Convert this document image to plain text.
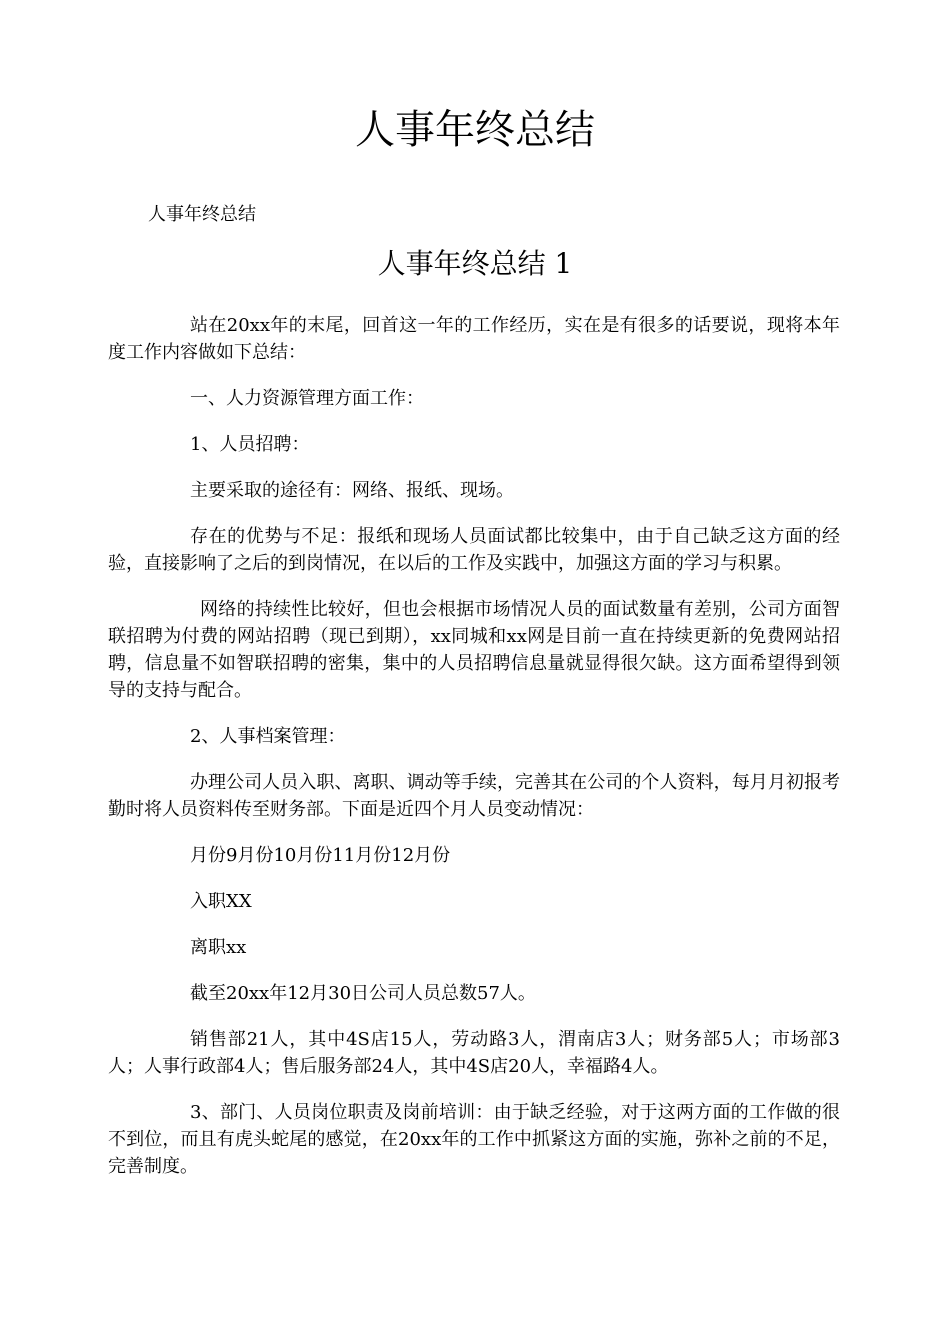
人事年终总结
人事年终总结
人事年终总结 1

站在20xx年的末尾，回首这一年的工作经历，实在是有很多的话要说，现将本年度工作内容做如下总结：

一、人力资源管理方面工作：

1、人员招聘：

主要采取的途径有：网络、报纸、现场。

存在的优势与不足：报纸和现场人员面试都比较集中，由于自己缺乏这方面的经验，直接影响了之后的到岗情况，在以后的工作及实践中，加强这方面的学习与积累。

网络的持续性比较好，但也会根据市场情况人员的面试数量有差别，公司方面智联招聘为付费的网站招聘（现已到期），xx同城和xx网是目前一直在持续更新的免费网站招聘，信息量不如智联招聘的密集，集中的人员招聘信息量就显得很欠缺。这方面希望得到领导的支持与配合。

2、人事档案管理：

办理公司人员入职、离职、调动等手续，完善其在公司的个人资料，每月月初报考勤时将人员资料传至财务部。下面是近四个月人员变动情况：

月份9月份10月份11月份12月份

入职XX

离职xx

截至20xx年12月30日公司人员总数57人。

销售部21人，其中4S店15人，劳动路3人，渭南店3人；财务部5人；市场部3人；人事行政部4人；售后服务部24人，其中4S店20人，幸福路4人。

3、部门、人员岗位职责及岗前培训：由于缺乏经验，对于这两方面的工作做的很不到位，而且有虎头蛇尾的感觉，在20xx年的工作中抓紧这方面的实施，弥补之前的不足，完善制度。
